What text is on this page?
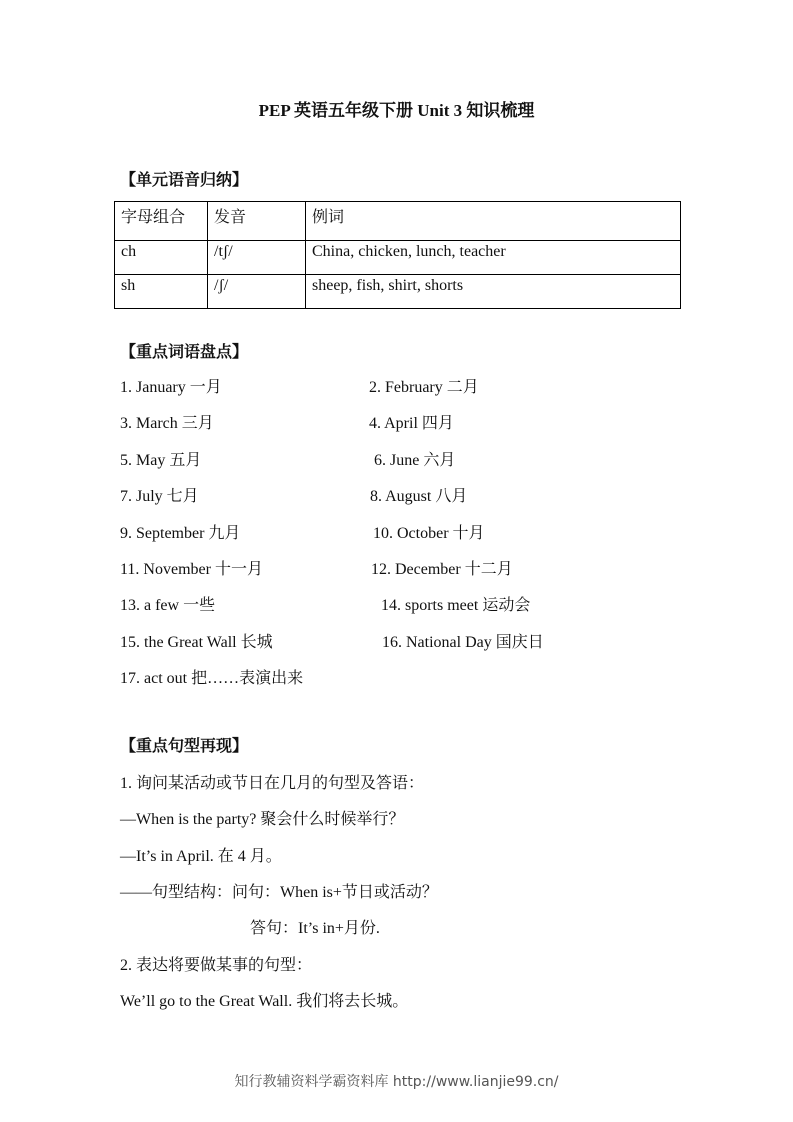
PEP 英语五年级下册 Unit 3 知识梳理
【单元语音归纳】
字母组合	发音	例词
ch	/tʃ/	China, chicken, lunch, teacher
sh	/ʃ/	sheep, fish, shirt, shorts
【重点词语盘点】
1. January 一月	2. February 二月
3. March 三月	4. April 四月
5. May 五月	6. June 六月
7. July 七月	8. August 八月
9. September 九月	10. October 十月
11. November 十一月	12. December 十二月
13. a few 一些	14. sports meet 运动会
15. the Great Wall 长城	16. National Day 国庆日
17. act out 把……表演出来
【重点句型再现】
1. 询问某活动或节日在几月的句型及答语：
—When is the party? 聚会什么时候举行？
—It’s in April. 在 4 月。
——句型结构：问句：When is+节日或活动？
答句：It’s in+月份.
2. 表达将要做某事的句型：
We’ll go to the Great Wall. 我们将去长城。
知行教辅资料学霸资料库 http://www.lianjie99.cn/
